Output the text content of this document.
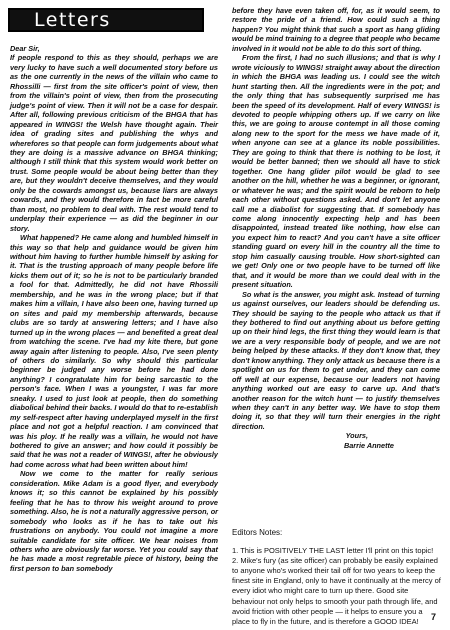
Letters

Dear Sir,

If people respond to this as they should, perhaps we are very lucky to have such a well documented story before us as the one currently in the news of the villain who came to Rhossilli — first from the site officer's point of view, then from the villain's point of view, then from the prosecuting judge's point of view. Then it will not be a case for despair. After all, following previous criticism of the BHGA that has appeared in WINGS! the Welsh have thought again. Their idea of grading sites and publishing the whys and wherefores so that people can form judgements about what they are doing is a massive advance on BHGA thinking; although I still think that this system would work better on trust. Some people would be about being better than they are, but they wouldn't deceive themselves, and they would only be the cowards amongst us, because liars are always cowards, and they would therefore in fact be more careful than most, no problem to deal with. The rest would tend to underplay their experience — as did the beginner in our story.

What happened? He came along and humbled himself in this way so that help and guidance would be given him without him having to further humble himself by asking for it. That is the trusting approach of many people before life kicks them out of it; so he is not to be particularly branded a fool for that. Admittedly, he did not have Rhossili membership, and he was in the wrong place; but if that makes him a villain, I have also been one, having turned up on sites and paid my membership afterwards, because clubs are so tardy at answering letters; and I have also turned up in the wrong places — and benefited a great deal from watching the scene. I've had my kite there, but gone away again after listening to people. Also, I've seen plenty of others do similarly. So why should this particular beginner be judged any worse before he had done anything? I congratulate him for being sarcastic to the person's face. When I was a youngster, I was far more sneaky. I used to just look at people, then do something diabolical behind their backs. I would do that to re-establish my self-respect after having underplayed myself in the first place and not got a helpful reaction. I am convinced that was his ploy. If he really was a villain, he would not have bothered to give an answer; and how could it possibly be said that he was not a reader of WINGS!, after he obviously had come across what had been written about him!

Now we come to the matter for really serious consideration. Mike Adam is a good flyer, and everybody knows it; so this cannot be explained by his possibly feeling that he has to throw his weight around to prove something. Also, he is not a naturally aggressive person, or somebody who looks as if he has to take out his frustrations on anybody. You could not imagine a more suitable candidate for site officer. We hear noises from others who are obviously far worse. Yet you could say that he has made a most regretable piece of history, being the first person to ban somebody

before they have even taken off, for, as it would seem, to restore the pride of a friend. How could such a thing happen? You might think that such a sport as hang gliding would be mind training to a degree that people who became involved in it would not be able to do this sort of thing.

From the first, I had no such illusions; and that is why I wrote viciously to WINGS! straight away about the direction in which the BHGA was leading us. I could see the witch hunt starting then. All the ingredients were in the pot; and the only thing that has subsequently surprised me has been the speed of its development. Half of every WINGS! is devoted to people whipping others up. If we carry on like this, we are going to arouse contempt in all those coming along new to the sport for the mess we have made of it, when anyone can see at a glance its noble possibilities. They are going to think that there is nothing to be lost, it would be better banned; then we should all have to stick together. One hang glider pilot would be glad to see another on the hill, whether he was a beginner, or ignorant, or whatever he was; and the spirit would be reborn to help each other without questions asked. And don't let anyone call me a diabolist for suggesting that. If somebody has come along innocently expecting help and has been disappointed, instead treated like nothing, how else can you expect him to react? And you can't have a site officer standing guard on every hill in the country all the time to stop him casually causing trouble. How short-sighted can we get! Only one or two people have to be turned off like that, and it would be more than we could deal with in the present situation.

So what is the answer, you might ask. Instead of turning us against ourselves, our leaders should be defending us. They should be saying to the people who attack us that if they bothered to find out anything about us before getting up on their hind legs, the first thing they would learn is that we are a very responsible body of people, and we are not being helped by these attacks. If they don't know that, they don't know anything. They only attack us because there is a spotlight on us for them to get under, and they can come off well at our expense, because our leaders not having anything worked out are easy to carve up. And that's another reason for the witch hunt — to justify themselves when they can't in any better way. We have to stop them doing it, so that they will turn their energies in the right direction.

Yours,
Barrie Annette

Editors Notes:

1. This is POSITIVELY THE LAST letter I'll print on this topic!

2. Mike's fury (as site officer) can probably be easily explained to anyone who's worked their tail off for two years to keep the finest site in England, only to have it continually at the mercy of every idiot who might care to turn up there. Good site behaviour not only helps to smooth your path through life, and avoid friction with other people — it helps to ensure you a place to fly in the future, and is therefore a GOOD IDEA!	7
